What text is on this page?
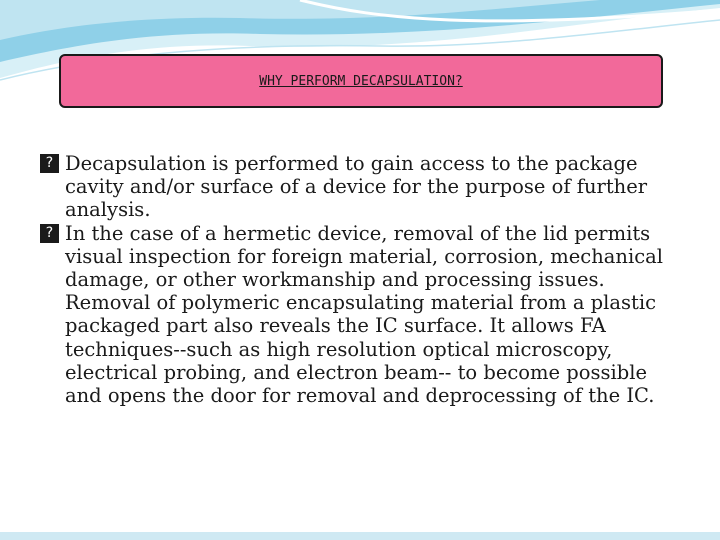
WHY PERFORM DECAPSULATION?

? Decapsulation is performed to gain access to the package cavity and/or surface of a device for the purpose of further analysis.

? In the case of a hermetic device, removal of the lid permits visual inspection for foreign material, corrosion, mechanical damage, or other workmanship and processing issues. Removal of polymeric encapsulating material from a plastic packaged part also reveals the IC surface. It allows FA techniques--such as high resolution optical microscopy, electrical probing, and electron beam-- to become possible and opens the door for removal and deprocessing of the IC.
